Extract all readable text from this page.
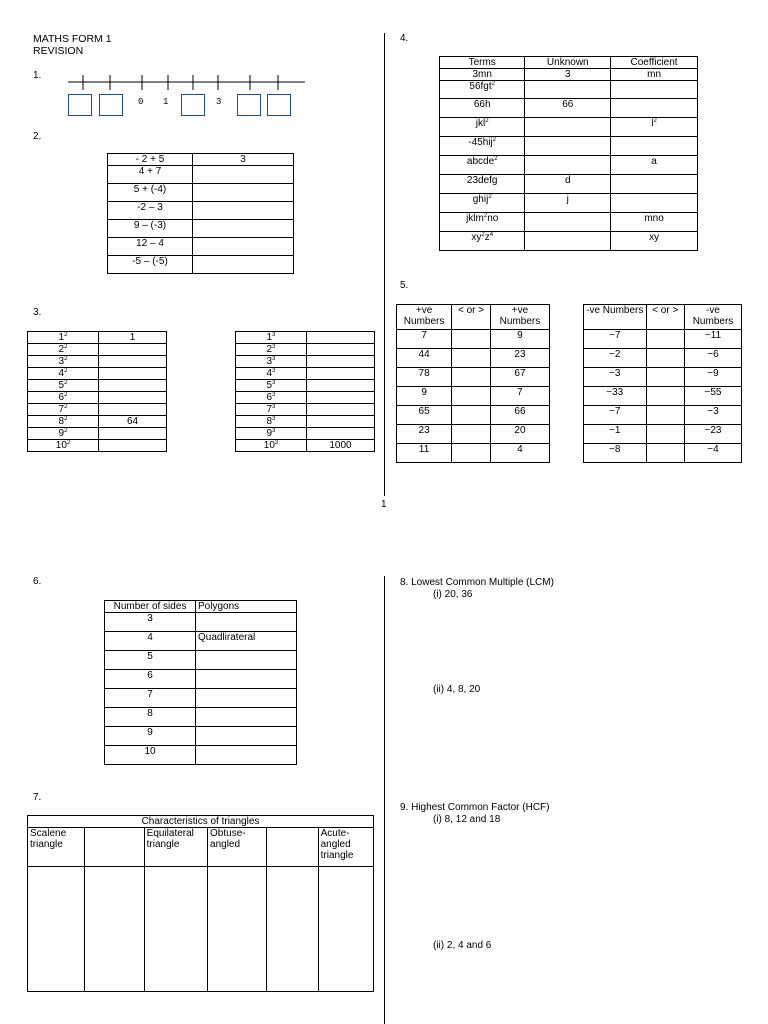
MATHS FORM 1
REVISION
1.
0 1	3
2.
- 2 + 5	3
4 + 7	
5 + (-4)	
-2 – 3	
9 – (-3)	
12 – 4	
-5 – (-5)	
3.
$1^2$	1
$2^2$	
$3^2$	
$4^2$	
$5^2$	
$6^2$	
$7^2$	
$8^2$	64
$9^2$	
$10^2$	
$1^3$	
$2^3$	
$3^3$	
$4^3$	
$5^3$	
$6^3$	
$7^3$	
$8^3$	
$9^3$	
$10^3$	1000
4.
Terms	Unknown	Coefficient
3mn	3	mn
56fgt$^2$		
66h	66	
jkl$^2$		$l^2$
-45hij$^2$		
abcde$^2$		a
23defg	d	
ghij$^2$	j	
jklm$^2$no		mno
$xy^2z^4$		xy
5.
+ve Numbers	< or >	+ve Numbers
7		9
44		23
78		67
9		7
65		66
23		20
11		4
-ve Numbers	< or >	-ve Numbers
−7		−11
−2		−6
−3		−9
−33		−55
−7		−3
−1		−23
−8		−4
1
6.
Number of sides	Polygons
3	
4	Quadlirateral
5	
6	
7	
8	
9	
10	
7.
Characteristics of triangles					
Scalene triangle		Equilateral triangle	Obtuse-angled		Acute-angled triangle

8. Lowest Common Multiple (LCM)
(i) 20, 36
(ii) 4, 8, 20
9. Highest Common Factor (HCF)
(i) 8, 12 and 18
(ii) 2, 4 and 6
